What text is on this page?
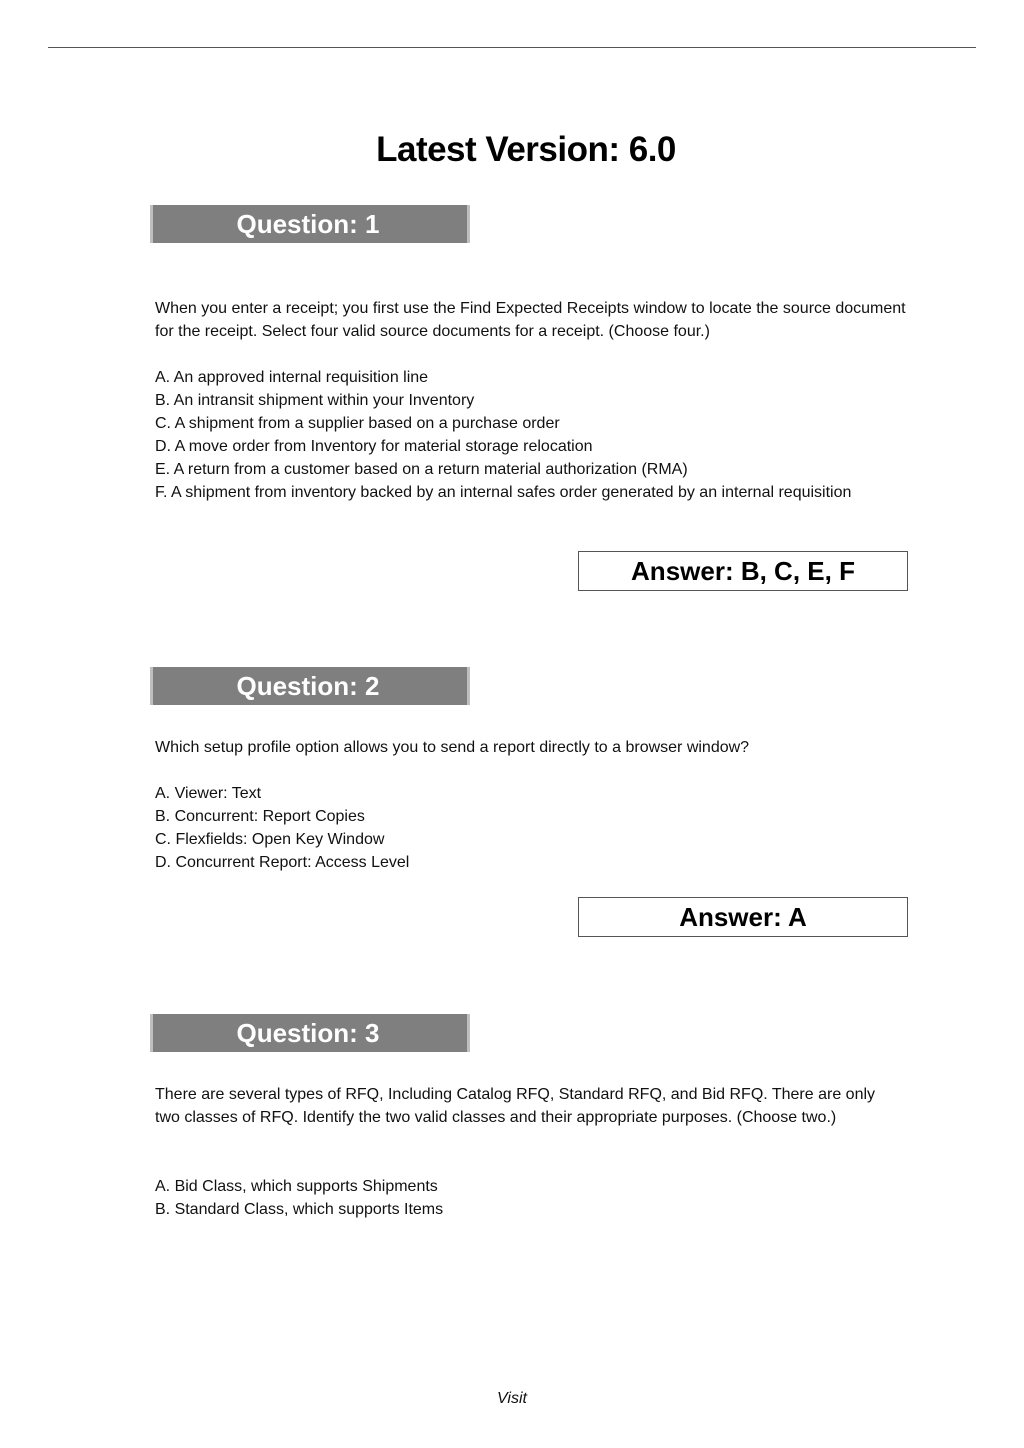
Latest Version: 6.0
Question: 1

When you enter a receipt; you first use the Find Expected Receipts window to locate the source document for the receipt. Select four valid source documents for a receipt. (Choose four.)

A. An approved internal requisition line
B. An intransit shipment within your Inventory
C. A shipment from a supplier based on a purchase order
D. A move order from Inventory for material storage relocation
E. A return from a customer based on a return material authorization (RMA)
F. A shipment from inventory backed by an internal safes order generated by an internal requisition
Answer: B, C, E, F
Question: 2

Which setup profile option allows you to send a report directly to a browser window?

A. Viewer: Text
B. Concurrent: Report Copies
C. Flexfields: Open Key Window
D. Concurrent Report: Access Level
Answer: A
Question: 3

There are several types of RFQ, Including Catalog RFQ, Standard RFQ, and Bid RFQ. There are only two classes of RFQ. Identify the two valid classes and their appropriate purposes. (Choose two.)

A. Bid Class, which supports Shipments
B. Standard Class, which supports Items
Visit
